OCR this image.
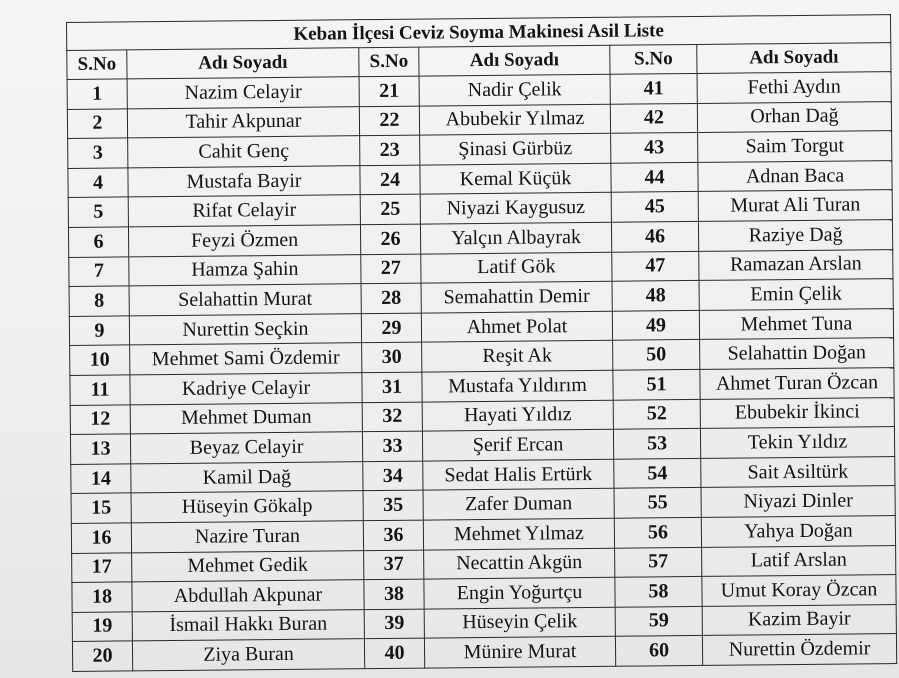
Keban İlçesi Ceviz Soyma Makinesi Asil Liste					
S.No	Adı Soyadı	S.No	Adı Soyadı	S.No	Adı Soyadı
1	Nazim Celayir	21	Nadir Çelik	41	Fethi Aydın
2	Tahir Akpunar	22	Abubekir Yılmaz	42	Orhan Dağ
3	Cahit Genç	23	Şinasi Gürbüz	43	Saim Torgut
4	Mustafa Bayir	24	Kemal Küçük	44	Adnan Baca
5	Rifat Celayir	25	Niyazi Kaygusuz	45	Murat Ali Turan
6	Feyzi Özmen	26	Yalçın Albayrak	46	Raziye Dağ
7	Hamza Şahin	27	Latif Gök	47	Ramazan Arslan
8	Selahattin Murat	28	Semahattin Demir	48	Emin Çelik
9	Nurettin Seçkin	29	Ahmet Polat	49	Mehmet Tuna
10	Mehmet Sami Özdemir	30	Reşit Ak	50	Selahattin Doğan
11	Kadriye Celayir	31	Mustafa Yıldırım	51	Ahmet Turan Özcan
12	Mehmet Duman	32	Hayati Yıldız	52	Ebubekir İkinci
13	Beyaz Celayir	33	Şerif Ercan	53	Tekin Yıldız
14	Kamil Dağ	34	Sedat Halis Ertürk	54	Sait Asiltürk
15	Hüseyin Gökalp	35	Zafer Duman	55	Niyazi Dinler
16	Nazire Turan	36	Mehmet Yılmaz	56	Yahya Doğan
17	Mehmet Gedik	37	Necattin Akgün	57	Latif Arslan
18	Abdullah Akpunar	38	Engin Yoğurtçu	58	Umut Koray Özcan
19	İsmail Hakkı Buran	39	Hüseyin Çelik	59	Kazim Bayir
20	Ziya Buran	40	Münire Murat	60	Nurettin Özdemir
